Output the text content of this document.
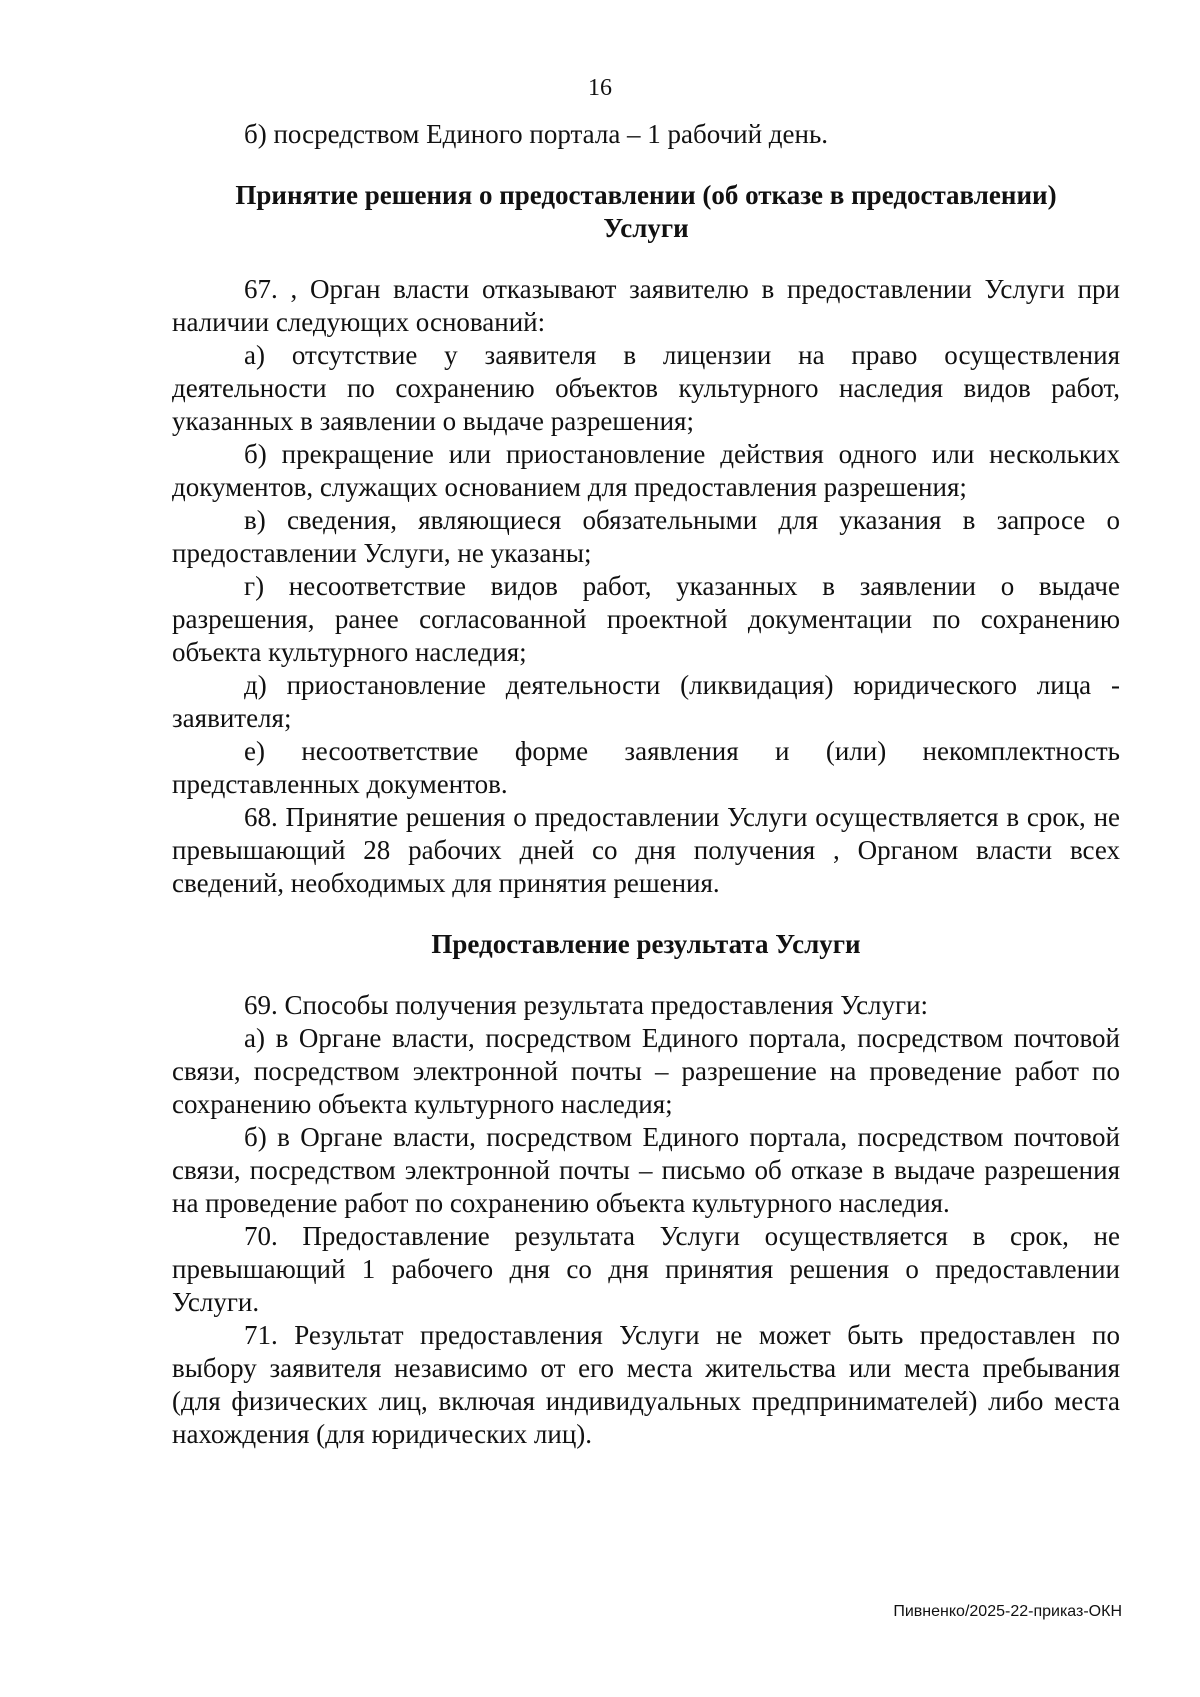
16

б) посредством Единого портала – 1 рабочий день.

Принятие решения о предоставлении (об отказе в предоставлении)
Услуги

67. , Орган власти отказывают заявителю в предоставлении Услуги при наличии следующих оснований:

а) отсутствие у заявителя в лицензии на право осуществления деятельности по сохранению объектов культурного наследия видов работ, указанных в заявлении о выдаче разрешения;

б) прекращение или приостановление действия одного или нескольких документов, служащих основанием для предоставления разрешения;

в) сведения, являющиеся обязательными для указания в запросе о предоставлении Услуги, не указаны;

г) несоответствие видов работ, указанных в заявлении о выдаче разрешения, ранее согласованной проектной документации по сохранению объекта культурного наследия;

д) приостановление деятельности (ликвидация) юридического лица - заявителя;

е) несоответствие форме заявления и (или) некомплектность представленных документов.

68. Принятие решения о предоставлении Услуги осуществляется в срок, не превышающий 28 рабочих дней со дня получения , Органом власти всех сведений, необходимых для принятия решения.

Предоставление результата Услуги

69. Способы получения результата предоставления Услуги:

а) в Органе власти, посредством Единого портала, посредством почтовой связи, посредством электронной почты – разрешение на проведение работ по сохранению объекта культурного наследия;

б) в Органе власти, посредством Единого портала, посредством почтовой связи, посредством электронной почты – письмо об отказе в выдаче разрешения на проведение работ по сохранению объекта культурного наследия.

70. Предоставление результата Услуги осуществляется в срок, не превышающий 1 рабочего дня со дня принятия решения о предоставлении Услуги.

71. Результат предоставления Услуги не может быть предоставлен по выбору заявителя независимо от его места жительства или места пребывания (для физических лиц, включая индивидуальных предпринимателей) либо места нахождения (для юридических лиц).

Пивненко/2025-22-приказ-ОКН
